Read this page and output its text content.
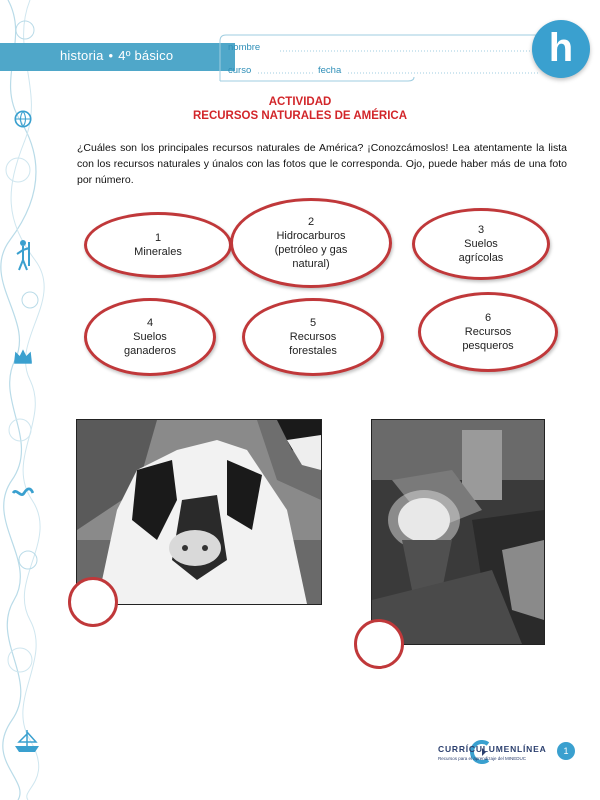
historia • 4º básico
nombre
curso	fecha
h
ACTIVIDAD
RECURSOS NATURALES DE AMÉRICA
¿Cuáles son los principales recursos naturales de América? ¡Conozcámoslos! Lea atentamente la lista con los recursos naturales y únalos con las fotos que le corresponda. Ojo, puede haber más de una foto por número.
1
Minerales
2
Hidrocarburos
(petróleo y gas
natural)
3
Suelos
agrícolas
4
Suelos
ganaderos
5
Recursos
forestales
6
Recursos
pesqueros
CURRÍCULUMENLÍNEA
Recursos para el aprendizaje del MINEDUC
1
